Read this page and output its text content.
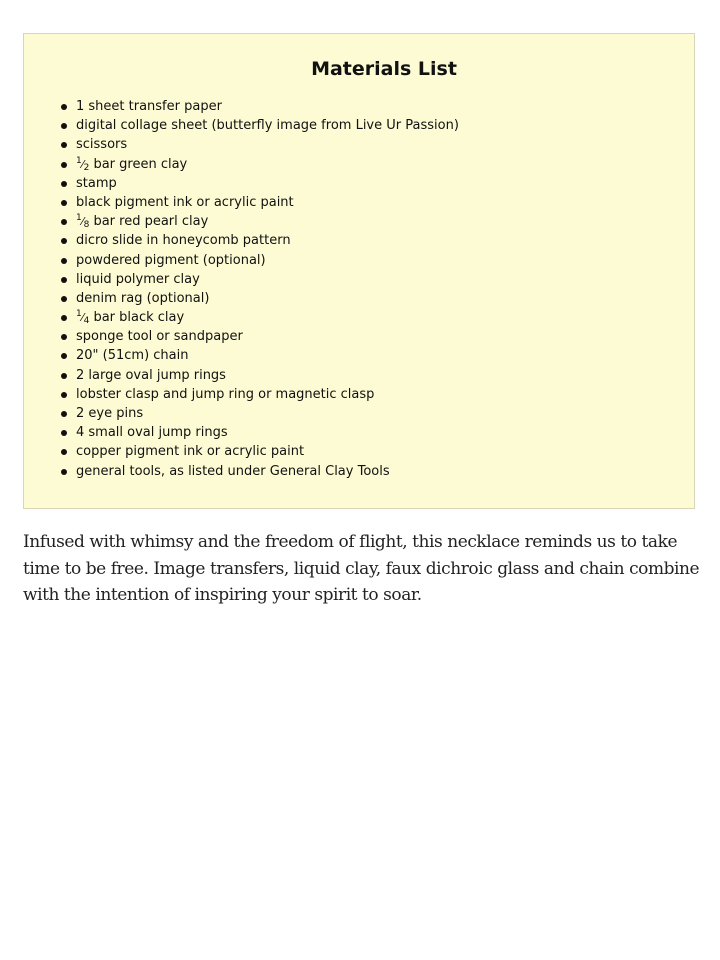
Materials List
1 sheet transfer paper
digital collage sheet (butterfly image from Live Ur Passion)
scissors
$^1⁄_2$ bar green clay
stamp
black pigment ink or acrylic paint
$^1⁄_8$ bar red pearl clay
dicro slide in honeycomb pattern
powdered pigment (optional)
liquid polymer clay
denim rag (optional)
$^1⁄_4$ bar black clay
sponge tool or sandpaper
20" (51cm) chain
2 large oval jump rings
lobster clasp and jump ring or magnetic clasp
2 eye pins
4 small oval jump rings
copper pigment ink or acrylic paint
general tools, as listed under General Clay Tools

Infused with whimsy and the freedom of flight, this necklace reminds us to take time to be free. Image transfers, liquid clay, faux dichroic glass and chain combine with the intention of inspiring your spirit to soar.
